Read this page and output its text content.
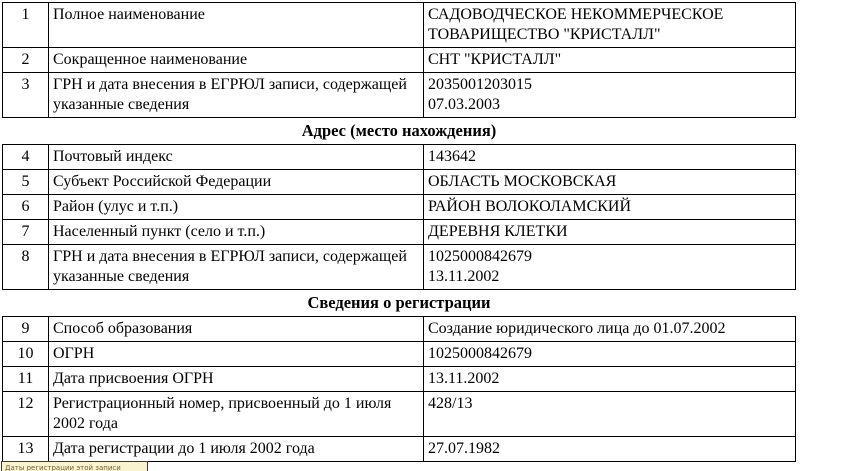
1	Полное наименование	САДОВОДЧЕСКОЕ НЕКОММЕРЧЕСКОЕ ТОВАРИЩЕСТВО "КРИСТАЛЛ"
2	Сокращенное наименование	СНТ "КРИСТАЛЛ"
3	ГРН и дата внесения в ЕГРЮЛ записи, содержащей указанные сведения	2035001203015
07.03.2003
Адрес (место нахождения)		
4	Почтовый индекс	143642
5	Субъект Российской Федерации	ОБЛАСТЬ МОСКОВСКАЯ
6	Район (улус и т.п.)	РАЙОН ВОЛОКОЛАМСКИЙ
7	Населенный пункт (село и т.п.)	ДЕРЕВНЯ КЛЕТКИ
8	ГРН и дата внесения в ЕГРЮЛ записи, содержащей указанные сведения	1025000842679
13.11.2002
Сведения о регистрации		
9	Способ образования	Создание юридического лица до 01.07.2002
10	ОГРН	1025000842679
11	Дата присвоения ОГРН	13.11.2002
12	Регистрационный номер, присвоенный до 1 июля 2002 года	428/13
13	Дата регистрации до 1 июля 2002 года	27.07.1982
Даты регистрации этой записи
